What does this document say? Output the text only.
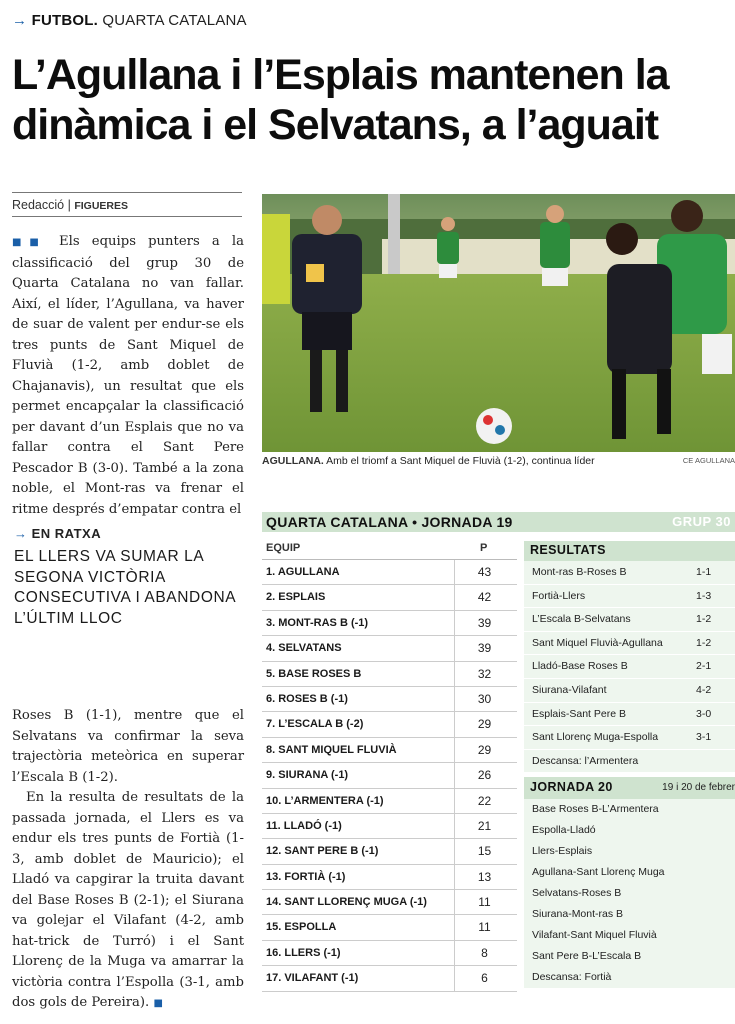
→ FUTBOL. QUARTA CATALANA
L’Agullana i l’Esplais mantenen la dinàmica i el Selvatans, a l’aguait
Redacció | FIGUERES
■■ Els equips punters a la classificació del grup 30 de Quarta Catalana no van fallar. Així, el líder, l’Agullana, va haver de suar de valent per endur-se els tres punts de Sant Miquel de Fluvià (1-2, amb doblet de Chajanavis), un resultat que els permet encapçalar la classificació per davant d’un Esplais que no va fallar contra el Sant Pere Pescador B (3-0). També a la zona noble, el Mont-ras va frenar el ritme després d’empatar contra el
→ EN RATXA
EL LLERS VA SUMAR LA SEGONA VICTÒRIA CONSECUTIVA I ABANDONA L’ÚLTIM LLOC
Roses B (1-1), mentre que el Selvatans va confirmar la seva trajectòria meteòrica en superar l’Escala B (1-2).
En la resulta de resultats de la passada jornada, el Llers es va endur els tres punts de Fortià (1-3, amb doblet de Mauricio); el Lladó va capgirar la truita davant del Base Roses B (2-1); el Siurana va golejar el Vilafant (4-2, amb hat-trick de Turró) i el Sant Llorenç de la Muga va amarrar la victòria contra l’Espolla (3-1, amb dos gols de Pereira). ■
AGULLANA. Amb el triomf a Sant Miquel de Fluvià (1-2), continua líder	CE AGULLANA
QUARTA CATALANA • JORNADA 19	GRUP 30
EQUIP	P
1. AGULLANA	43
2. ESPLAIS	42
3. MONT-RAS B (-1)	39
4. SELVATANS	39
5. BASE ROSES B	32
6. ROSES B (-1)	30
7. L’ESCALA B (-2)	29
8. SANT MIQUEL FLUVIÀ	29
9. SIURANA (-1)	26
10. L’ARMENTERA (-1)	22
11. LLADÓ (-1)	21
12. SANT PERE B (-1)	15
13. FORTIÀ (-1)	13
14. SANT LLORENÇ MUGA (-1)	11
15. ESPOLLA	11
16. LLERS (-1)	8
17. VILAFANT (-1)	6
RESULTATS
Mont-ras B-Roses B	1-1
Fortià-Llers	1-3
L’Escala B-Selvatans	1-2
Sant Miquel Fluvià-Agullana	1-2
Lladó-Base Roses B	2-1
Siurana-Vilafant	4-2
Esplais-Sant Pere B	3-0
Sant Llorenç Muga-Espolla	3-1
Descansa: l’Armentera
JORNADA 20	19 i 20 de febrer
Base Roses B-L’Armentera
Espolla-Lladó
Llers-Esplais
Agullana-Sant Llorenç Muga
Selvatans-Roses B
Siurana-Mont-ras B
Vilafant-Sant Miquel Fluvià
Sant Pere B-L’Escala B
Descansa: Fortià
